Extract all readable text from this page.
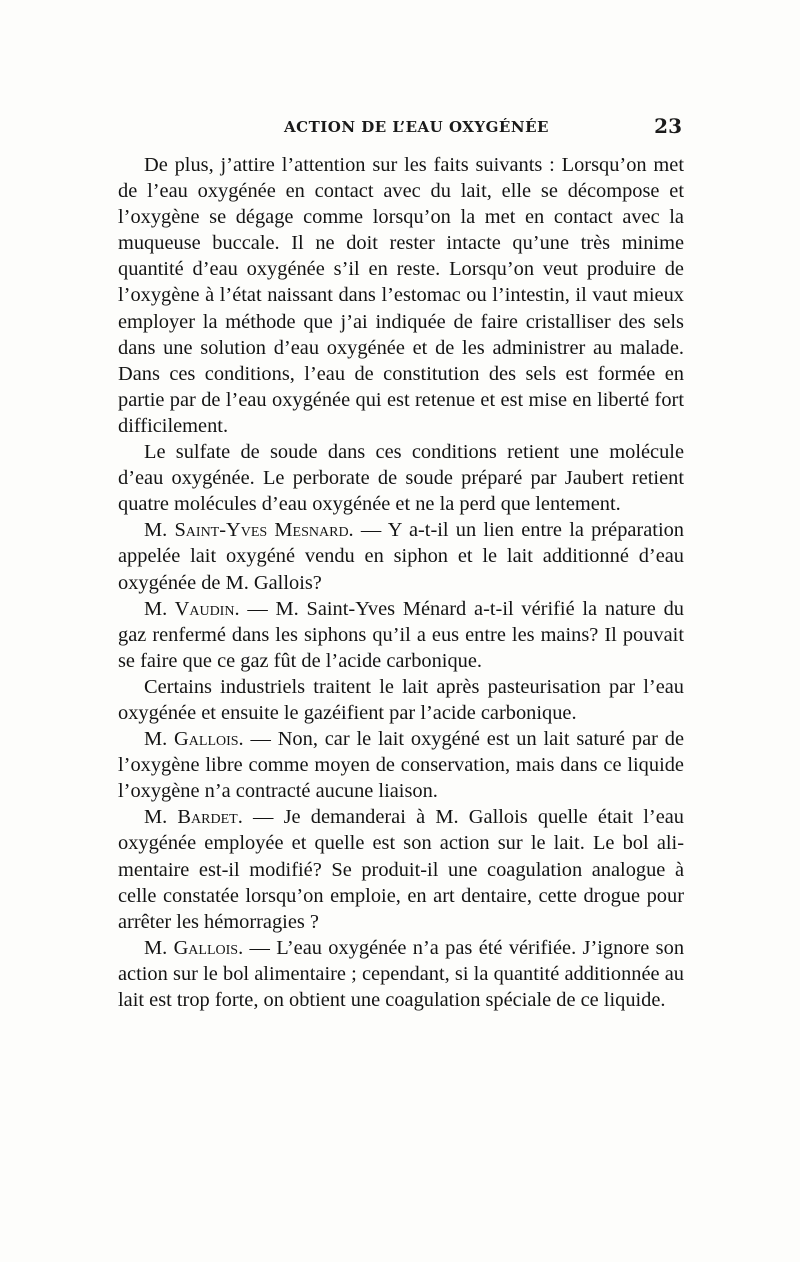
ACTION DE L’EAU OXYGÉNÉE	23

De plus, j’attire l’attention sur les faits suivants : Lorsqu’on met de l’eau oxygénée en contact avec du lait, elle se décompose et l’oxygène se dégage comme lorsqu’on la met en contact avec la muqueuse buccale. Il ne doit rester intacte qu’une très minime quantité d’eau oxygénée s’il en reste. Lorsqu’on veut produire de l’oxygène à l’état naissant dans l’estomac ou l’intestin, il vaut mieux employer la méthode que j’ai indiquée de faire cristalliser des sels dans une solution d’eau oxygénée et de les administrer au malade. Dans ces conditions, l’eau de constitution des sels est formée en partie par de l’eau oxygénée qui est retenue et est mise en liberté fort difficilement.

Le sulfate de soude dans ces conditions retient une molécule d’eau oxygénée. Le perborate de soude préparé par Jaubert retient quatre molécules d’eau oxygénée et ne la perd que lentement.

M. Saint-Yves Mesnard. — Y a-t-il un lien entre la préparation appelée lait oxygéné vendu en siphon et le lait additionné d’eau oxygénée de M. Gallois?

M. Vaudin. — M. Saint-Yves Ménard a-t-il vérifié la nature du gaz renfermé dans les siphons qu’il a eus entre les mains? Il pouvait se faire que ce gaz fût de l’acide carbonique.

Certains industriels traitent le lait après pasteurisation par l’eau oxygénée et ensuite le gazéifient par l’acide carbonique.

M. Gallois. — Non, car le lait oxygéné est un lait saturé par de l’oxygène libre comme moyen de conservation, mais dans ce liquide l’oxygène n’a contracté aucune liaison.

M. Bardet. — Je demanderai à M. Gallois quelle était l’eau oxygénée employée et quelle est son action sur le lait. Le bol alimentaire est-il modifié? Se produit-il une coagulation analogue à celle constatée lorsqu’on emploie, en art dentaire, cette drogue pour arrêter les hémorragies ?

M. Gallois. — L’eau oxygénée n’a pas été vérifiée. J’ignore son action sur le bol alimentaire ; cependant, si la quantité additionnée au lait est trop forte, on obtient une coagulation spéciale de ce liquide.
